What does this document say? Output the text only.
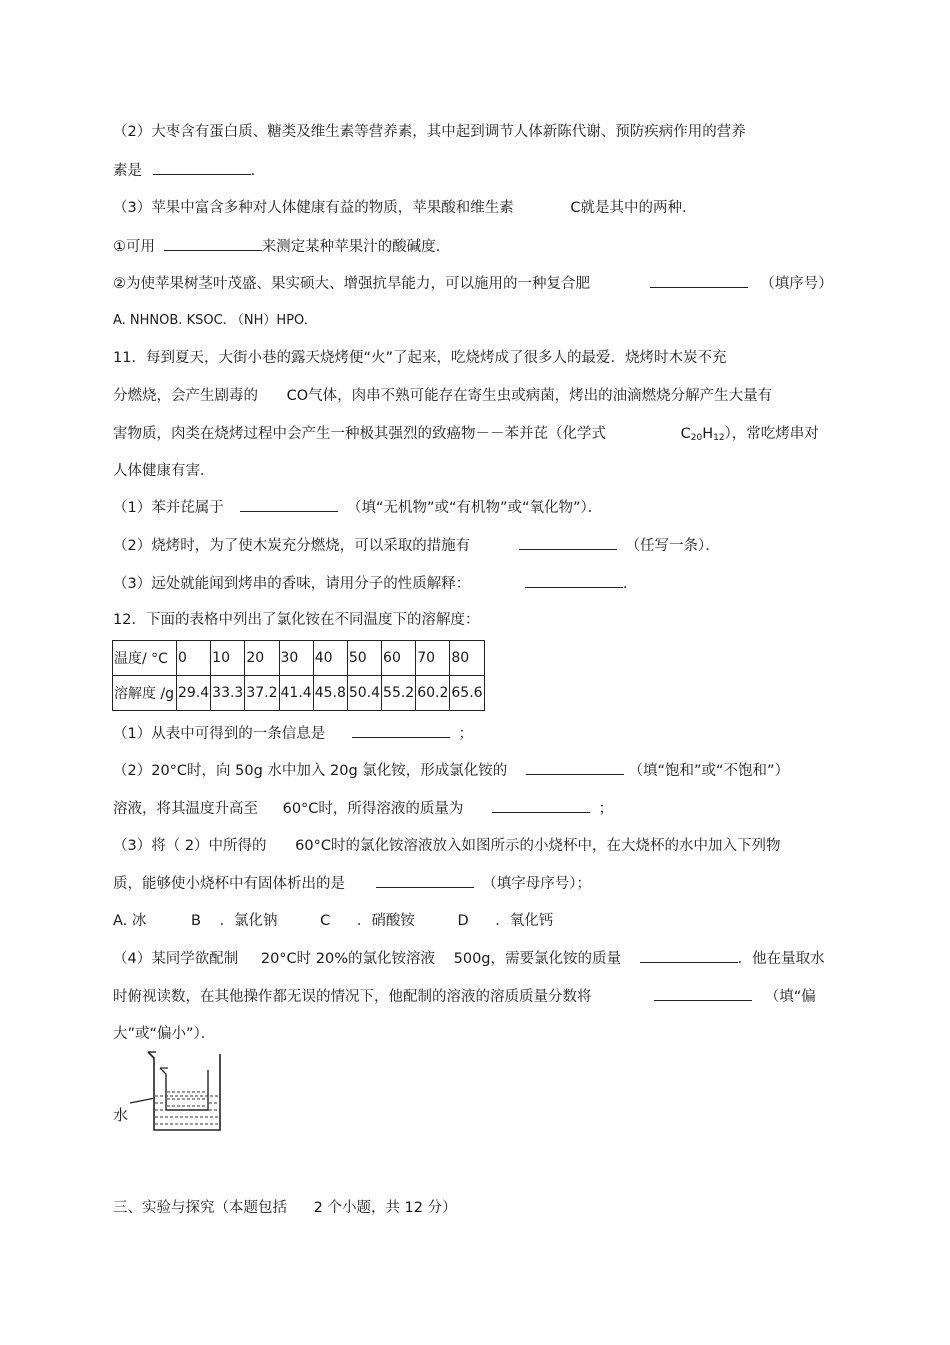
（2）大枣含有蛋白质、糖类及维生素等营养素，其中起到调节人体新陈代谢、预防疾病作用的营养
素是	.
（3）苹果中富含多种对人体健康有益的物质，苹果酸和维生素	C就是其中的两种.
①可用	来测定某种苹果汁的酸碱度.
②为使苹果树茎叶茂盛、果实硕大、增强抗旱能力，可以施用的一种复合肥	（填序号）
A. NHNOB. KSOC. （NH）HPO.
11．每到夏天，大街小巷的露天烧烤便“火”了起来，吃烧烤成了很多人的最爱．烧烤时木炭不充
分燃烧，会产生剧毒的 CO气体，肉串不熟可能存在寄生虫或病菌，烤出的油滴燃烧分解产生大量有
害物质，肉类在烧烤过程中会产生一种极其强烈的致癌物－－苯并芘（化学式	$C_{20}H_{12}$），常吃烤串对
人体健康有害．
（1）苯并芘属于	（填“无机物”或“有机物”或“氧化物”）．
（2）烧烤时，为了使木炭充分燃烧，可以采取的措施有	（任写一条）．
（3）远处就能闻到烤串的香味，请用分子的性质解释：	.
12．下面的表格中列出了氯化铵在不同温度下的溶解度：
温度/ °C	0	10	20	30	40	50	60	70	80
溶解度 /g	29.4	33.3	37.2	41.4	45.8	50.4	55.2	60.2	65.6
（1）从表中可得到的一条信息是	；
（2）20°C时，向 50g 水中加入 20g 氯化铵，形成氯化铵的	（填“饱和”或“不饱和”）
溶液，将其温度升高至 60°C时，所得溶液的质量为	；
（3）将（ 2）中所得的 60°C时的氯化铵溶液放入如图所示的小烧杯中，在大烧杯的水中加入下列物
质，能够使小烧杯中有固体析出的是	（填字母序号）；
A. 冰	B ．氯化钠	C ．硝酸铵	D ．氧化钙
（4）某同学欲配制 20°C时 20%的氯化铵溶液 500g，需要氯化铵的质量	．他在量取水
时俯视读数，在其他操作都无误的情况下，他配制的溶液的溶质质量分数将	（填“偏
大”或“偏小”）．
水
三、实验与探究（本题包括 2 个小题，共 12 分）
